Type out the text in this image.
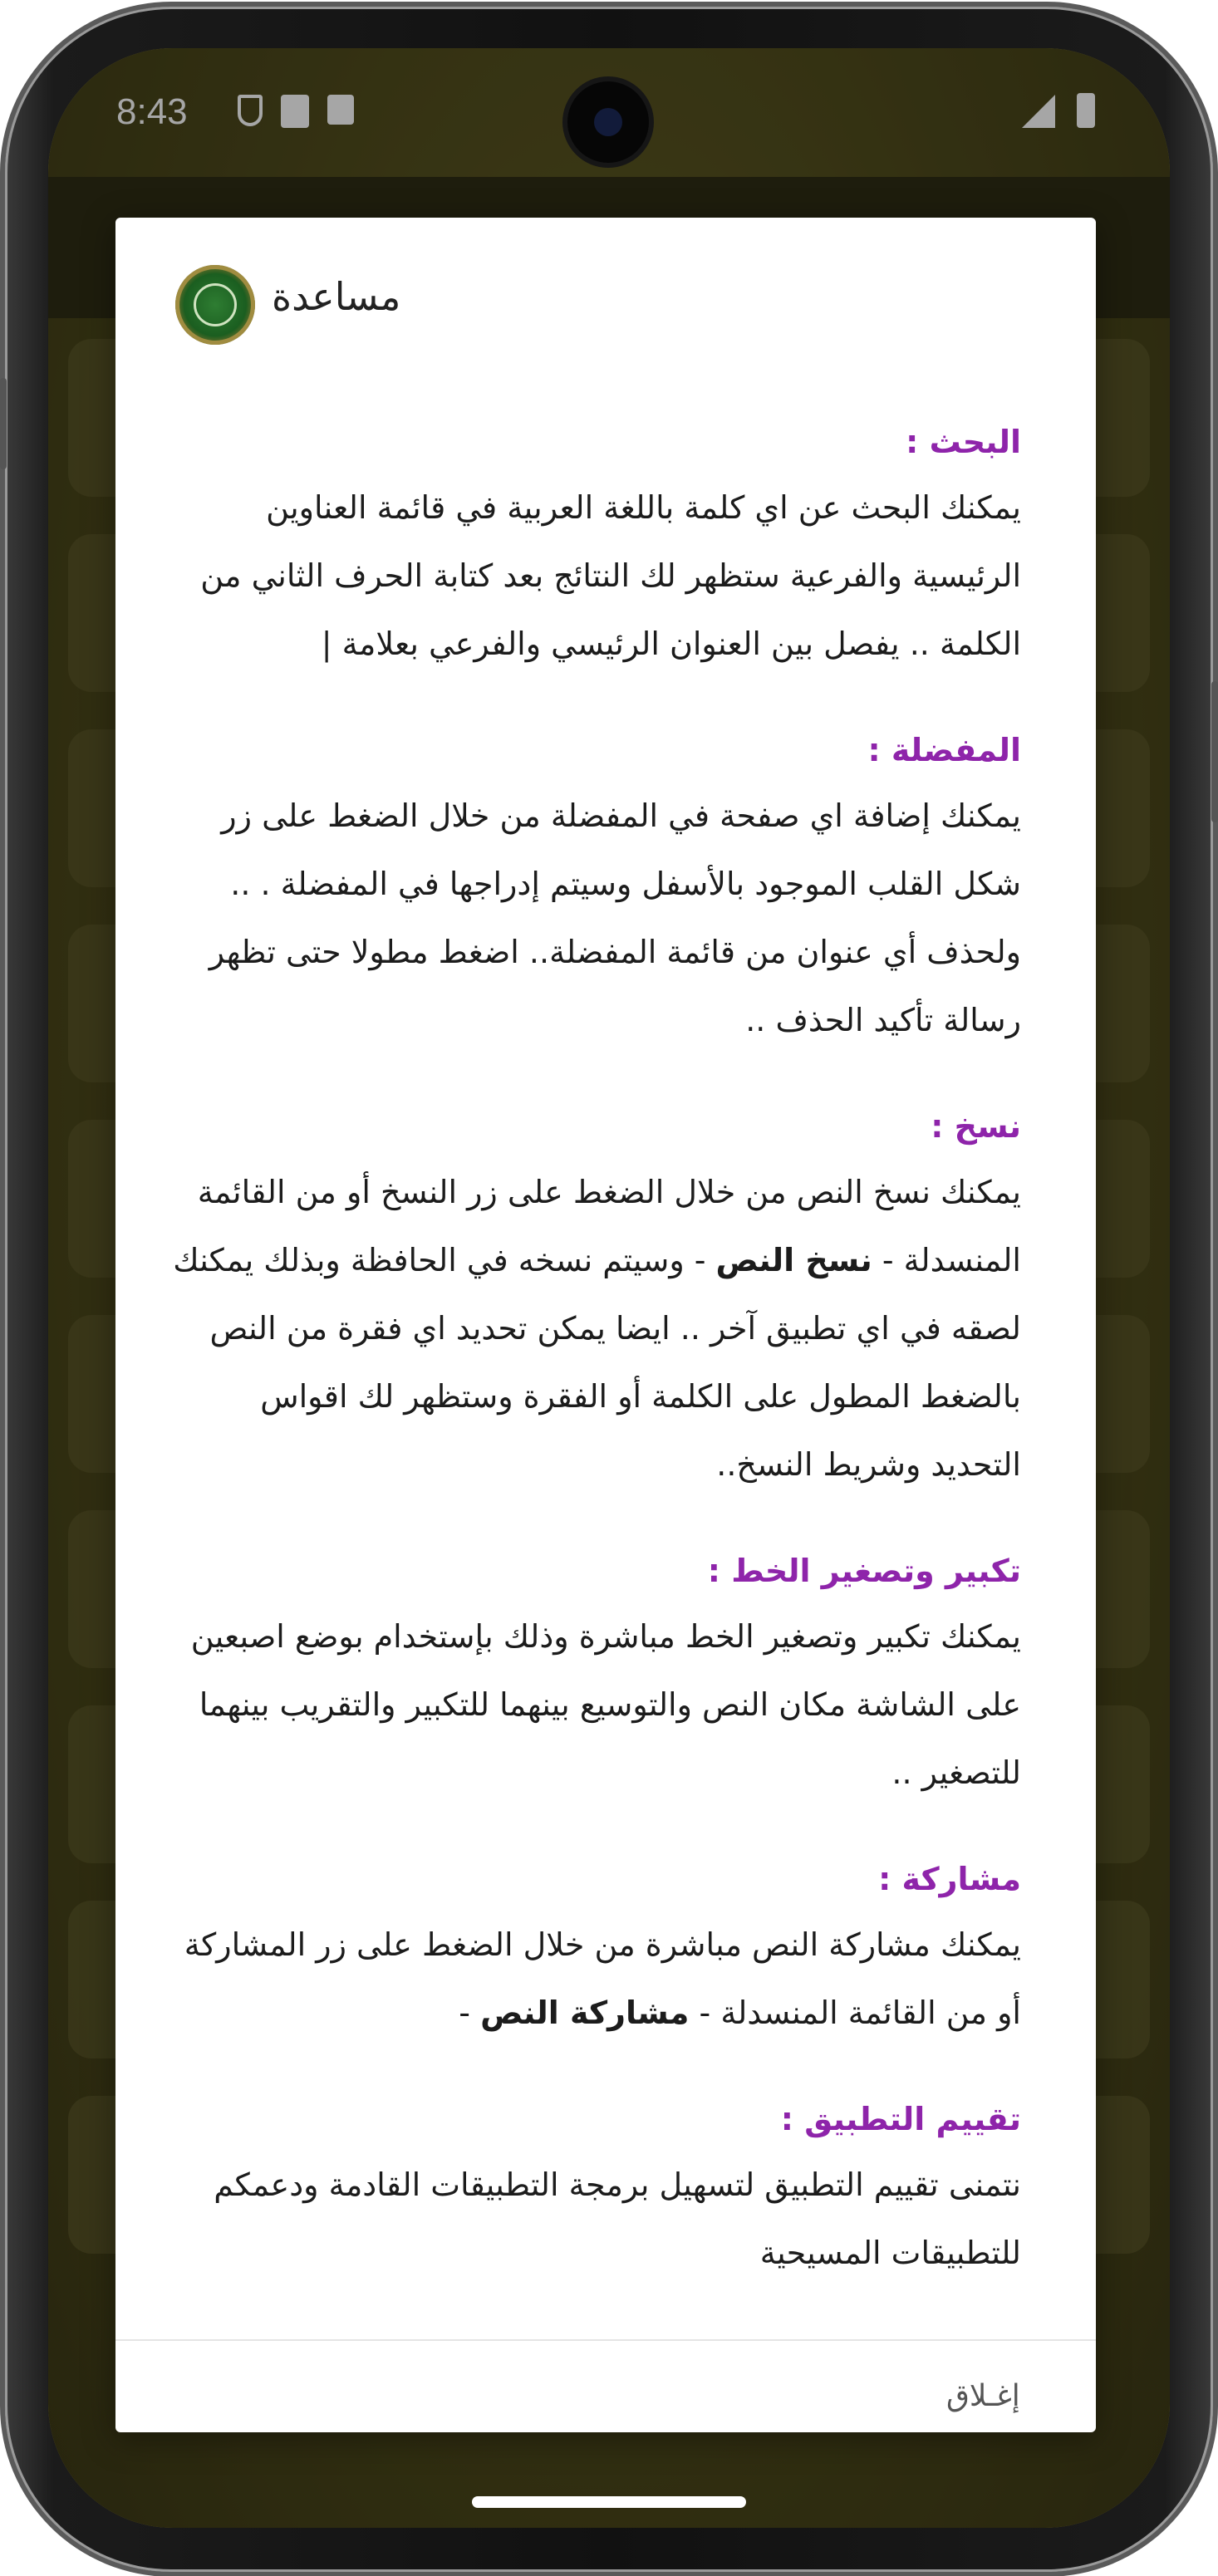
8:43
مساعدة

البحث :

يمكنك البحث عن اي كلمة باللغة العربية في قائمة العناوين الرئيسية والفرعية ستظهر لك النتائج بعد كتابة الحرف الثاني من الكلمة .. يفصل بين العنوان الرئيسي والفرعي بعلامة |

المفضلة :

يمكنك إضافة اي صفحة في المفضلة من خلال الضغط على زر شكل القلب الموجود بالأسفل وسيتم إدراجها في المفضلة . .. ولحذف أي عنوان من قائمة المفضلة.. اضغط مطولا حتى تظهر رسالة تأكيد الحذف ..

نسخ :

يمكنك نسخ النص من خلال الضغط على زر النسخ أو من القائمة المنسدلة - نسخ النص - وسيتم نسخه في الحافظة وبذلك يمكنك لصقه في اي تطبيق آخر .. ايضا يمكن تحديد اي فقرة من النص بالضغط المطول على الكلمة أو الفقرة وستظهر لك اقواس التحديد وشريط النسخ..

تكبير وتصغير الخط :

يمكنك تكبير وتصغير الخط مباشرة وذلك بإستخدام بوضع اصبعين على الشاشة مكان النص والتوسيع بينهما للتكبير والتقريب بينهما للتصغير ..

مشاركة :

يمكنك مشاركة النص مباشرة من خلال الضغط على زر المشاركة أو من القائمة المنسدلة - مشاركة النص -

تقييم التطبيق :

نتمنى تقييم التطبيق لتسهيل برمجة التطبيقات القادمة ودعمكم للتطبيقات المسيحية

إغـلاق
